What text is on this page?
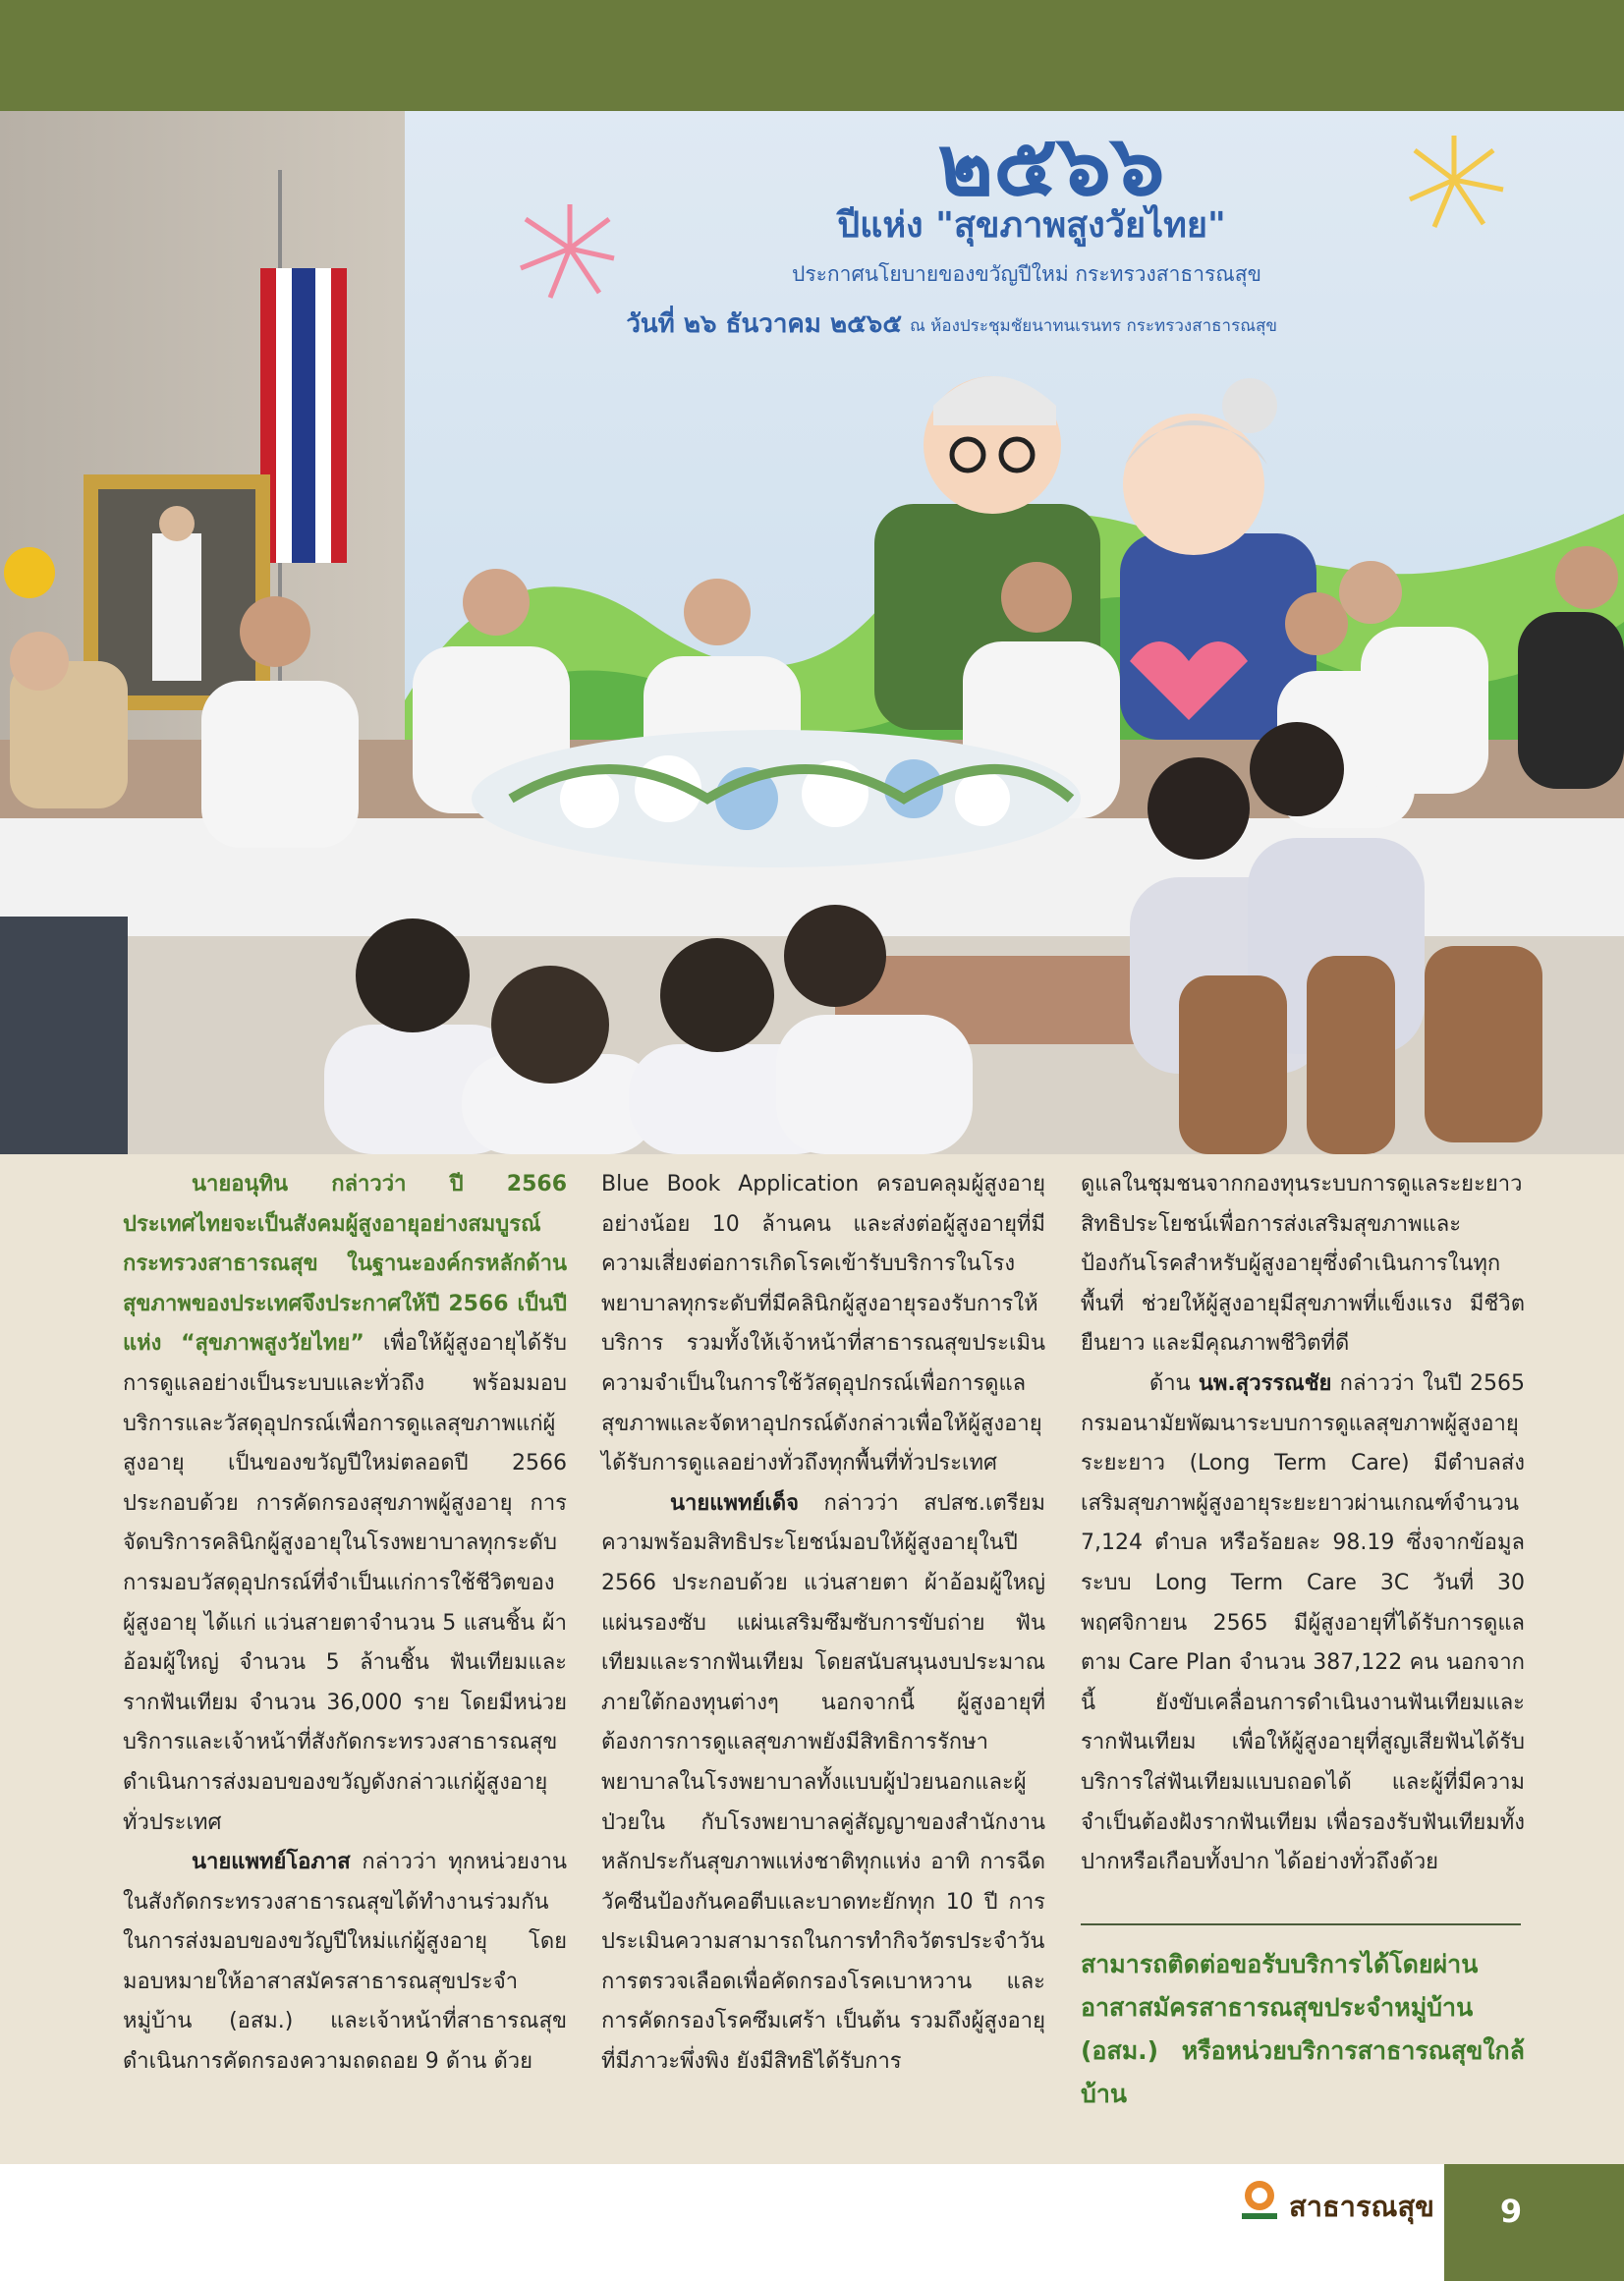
๒๕๖๖
ปีแห่ง "สุขภาพสูงวัยไทย"
ประกาศนโยบายของขวัญปีใหม่ กระทรวงสาธารณสุข
วันที่ ๒๖ ธันวาคม ๒๕๖๕ ณ ห้องประชุมชัยนาทนเรนทร กระทรวงสาธารณสุข

นายอนุทิน กล่าวว่า ปี 2566 ประเทศไทยจะเป็นสังคมผู้สูงอายุอย่างสมบูรณ์ กระทรวงสาธารณสุข ในฐานะองค์กรหลักด้านสุขภาพของประเทศจึงประกาศให้ปี 2566 เป็นปีแห่ง “สุขภาพสูงวัยไทย” เพื่อให้ผู้สูงอายุได้รับการดูแลอย่างเป็นระบบและทั่วถึง พร้อมมอบบริการและวัสดุอุปกรณ์เพื่อการดูแลสุขภาพแก่ผู้สูงอายุ เป็นของขวัญปีใหม่ตลอดปี 2566 ประกอบด้วย การคัดกรองสุขภาพผู้สูงอายุ การจัดบริการคลินิกผู้สูงอายุในโรงพยาบาลทุกระดับ การมอบวัสดุอุปกรณ์ที่จำเป็นแก่การใช้ชีวิตของผู้สูงอายุ ได้แก่ แว่นสายตาจำนวน 5 แสนชิ้น ผ้าอ้อมผู้ใหญ่ จำนวน 5 ล้านชิ้น ฟันเทียมและรากฟันเทียม จำนวน 36,000 ราย โดยมีหน่วยบริการและเจ้าหน้าที่สังกัดกระทรวงสาธารณสุขดำเนินการส่งมอบของขวัญดังกล่าวแก่ผู้สูงอายุทั่วประเทศ

นายแพทย์โอภาส กล่าวว่า ทุกหน่วยงานในสังกัดกระทรวงสาธารณสุขได้ทำงานร่วมกันในการส่งมอบของขวัญปีใหม่แก่ผู้สูงอายุ โดยมอบหมายให้อาสาสมัครสาธารณสุขประจำหมู่บ้าน (อสม.) และเจ้าหน้าที่สาธารณสุขดำเนินการคัดกรองความถดถอย 9 ด้าน ด้วย

Blue Book Application ครอบคลุมผู้สูงอายุอย่างน้อย 10 ล้านคน และส่งต่อผู้สูงอายุที่มีความเสี่ยงต่อการเกิดโรคเข้ารับบริการในโรงพยาบาลทุกระดับที่มีคลินิกผู้สูงอายุรองรับการให้บริการ รวมทั้งให้เจ้าหน้าที่สาธารณสุขประเมินความจำเป็นในการใช้วัสดุอุปกรณ์เพื่อการดูแลสุขภาพและจัดหาอุปกรณ์ดังกล่าวเพื่อให้ผู้สูงอายุได้รับการดูแลอย่างทั่วถึงทุกพื้นที่ทั่วประเทศ

นายแพทย์เด็จ กล่าวว่า สปสช.เตรียมความพร้อมสิทธิประโยชน์มอบให้ผู้สูงอายุในปี 2566 ประกอบด้วย แว่นสายตา ผ้าอ้อมผู้ใหญ่ แผ่นรองซับ แผ่นเสริมซึมซับการขับถ่าย ฟันเทียมและรากฟันเทียม โดยสนับสนุนงบประมาณภายใต้กองทุนต่างๆ นอกจากนี้ ผู้สูงอายุที่ต้องการการดูแลสุขภาพยังมีสิทธิการรักษาพยาบาลในโรงพยาบาลทั้งแบบผู้ป่วยนอกและผู้ป่วยใน กับโรงพยาบาลคู่สัญญาของสำนักงานหลักประกันสุขภาพแห่งชาติทุกแห่ง อาทิ การฉีดวัคซีนป้องกันคอตีบและบาดทะยักทุก 10 ปี การประเมินความสามารถในการทำกิจวัตรประจำวัน การตรวจเลือดเพื่อคัดกรองโรคเบาหวาน และการคัดกรองโรคซึมเศร้า เป็นต้น รวมถึงผู้สูงอายุที่มีภาวะพึ่งพิง ยังมีสิทธิได้รับการ

ดูแลในชุมชนจากกองทุนระบบการดูแลระยะยาว สิทธิประโยชน์เพื่อการส่งเสริมสุขภาพและป้องกันโรคสำหรับผู้สูงอายุซึ่งดำเนินการในทุกพื้นที่ ช่วยให้ผู้สูงอายุมีสุขภาพที่แข็งแรง มีชีวิตยืนยาว และมีคุณภาพชีวิตที่ดี

ด้าน นพ.สุวรรณชัย กล่าวว่า ในปี 2565 กรมอนามัยพัฒนาระบบการดูแลสุขภาพผู้สูงอายุระยะยาว (Long Term Care) มีตำบลส่งเสริมสุขภาพผู้สูงอายุระยะยาวผ่านเกณฑ์จำนวน 7,124 ตำบล หรือร้อยละ 98.19 ซึ่งจากข้อมูลระบบ Long Term Care 3C วันที่ 30 พฤศจิกายน 2565 มีผู้สูงอายุที่ได้รับการดูแลตาม Care Plan จำนวน 387,122 คน นอกจากนี้ ยังขับเคลื่อนการดำเนินงานฟันเทียมและรากฟันเทียม เพื่อให้ผู้สูงอายุที่สูญเสียฟันได้รับบริการใส่ฟันเทียมแบบถอดได้ และผู้ที่มีความจำเป็นต้องฝังรากฟันเทียม เพื่อรองรับฟันเทียมทั้งปากหรือเกือบทั้งปาก ได้อย่างทั่วถึงด้วย

สามารถติดต่อขอรับบริการได้โดยผ่านอาสาสมัครสาธารณสุขประจำหมู่บ้าน (อสม.) หรือหน่วยบริการสาธารณสุขใกล้บ้าน
สาธารณสุข	9
